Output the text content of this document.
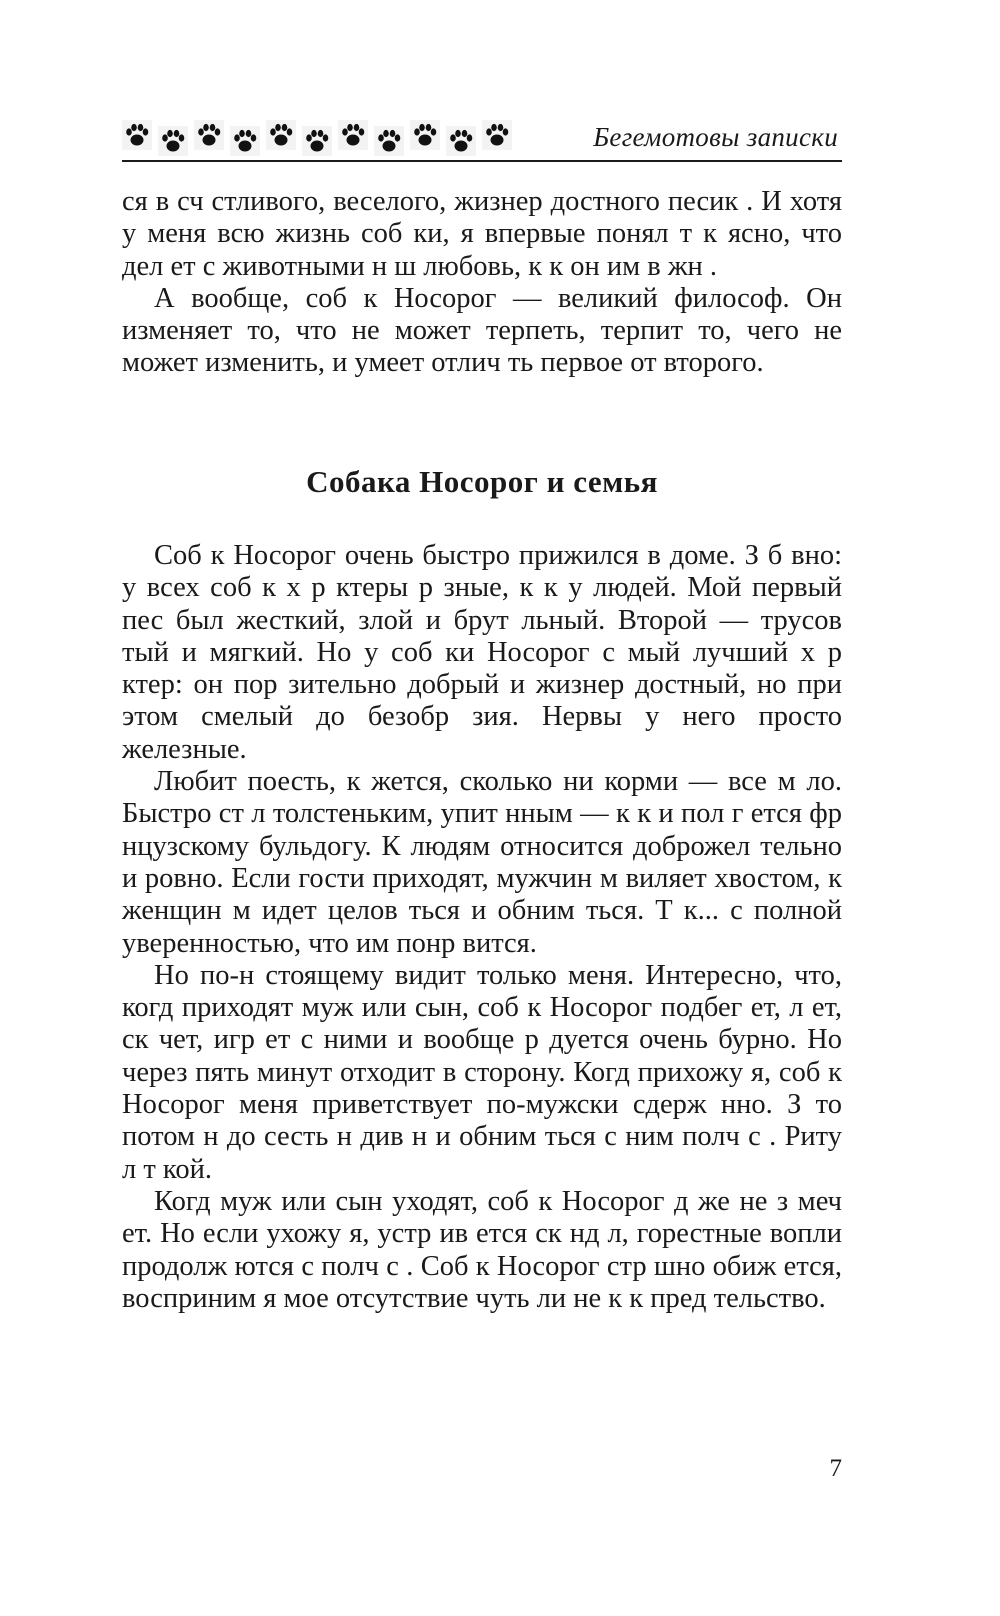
Бегемотовы записки

ся в сч стливого, веселого, жизнер достного песик . И хотя у меня всю жизнь соб ки, я впервые понял т к ясно, что дел ет с животными н ш любовь, к к он им в жн .

А вообще, соб к Носорог — великий философ. Он изменяет то, что не может терпеть, терпит то, чего не может изменить, и умеет отлич ть первое от второго.

Собака Носорог и семья

Соб к Носорог очень быстро прижился в доме. З б вно: у всех соб к х р ктеры р зные, к к у людей. Мой первый пес был жесткий, злой и брут льный. Второй — трусов тый и мягкий. Но у соб ки Носорог с мый лучший х р ктер: он пор зительно добрый и жизнер достный, но при этом смелый до безобр зия. Нервы у него просто железные.

Любит поесть, к жется, сколько ни корми — все м ло. Быстро ст л толстеньким, упит нным — к к и пол г ется фр нцузскому бульдогу. К людям относится доброжел тельно и ровно. Если гости приходят, мужчин м виляет хвостом, к женщин м идет целов ться и обним ться. Т к... с полной уверенностью, что им понр вится.

Но по-н стоящему видит только меня. Интересно, что, когд приходят муж или сын, соб к Носорог подбег ет, л ет, ск чет, игр ет с ними и вообще р дуется очень бурно. Но через пять минут отходит в сторону. Когд прихожу я, соб к Носорог меня приветствует по-мужски сдерж нно. З то потом н до сесть н див н и обним ться с ним полч с . Риту л т кой.

Когд муж или сын уходят, соб к Носорог д же не з меч ет. Но если ухожу я, устр ив ется ск нд л, горестные вопли продолж ются с полч с . Соб к Носорог стр шно обиж ется, восприним я мое отсутствие чуть ли не к к пред тельство.

7
